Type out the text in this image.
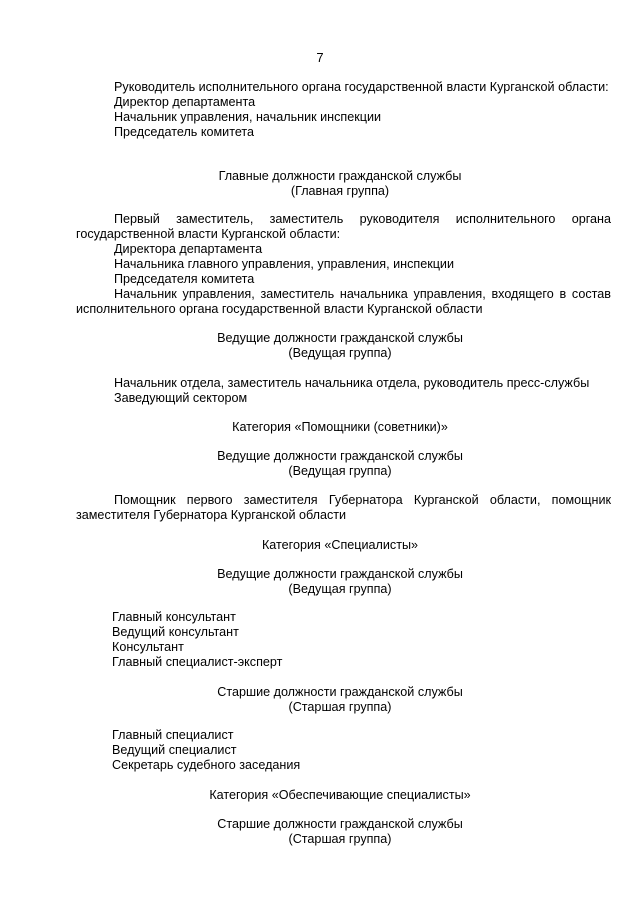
7
Руководитель исполнительного органа государственной власти Курганской области:
Директор департамента
Начальник управления, начальник инспекции
Председатель комитета
Главные должности гражданской службы
(Главная группа)
Первый заместитель, заместитель руководителя исполнительного органа государственной власти Курганской области:
Директора департамента
Начальника главного управления, управления, инспекции
Председателя комитета
Начальник управления, заместитель начальника управления, входящего в состав исполнительного органа государственной власти Курганской области
Ведущие должности гражданской службы
(Ведущая группа)
Начальник отдела, заместитель начальника отдела, руководитель пресс-службы
Заведующий сектором
Категория «Помощники (советники)»
Ведущие должности гражданской службы
(Ведущая группа)
Помощник первого заместителя Губернатора Курганской области, помощник заместителя Губернатора Курганской области
Категория «Специалисты»
Ведущие должности гражданской службы
(Ведущая группа)
Главный консультант
Ведущий консультант
Консультант
Главный специалист-эксперт
Старшие должности гражданской службы
(Старшая группа)
Главный специалист
Ведущий специалист
Секретарь судебного заседания
Категория «Обеспечивающие специалисты»
Старшие должности гражданской службы
(Старшая группа)
